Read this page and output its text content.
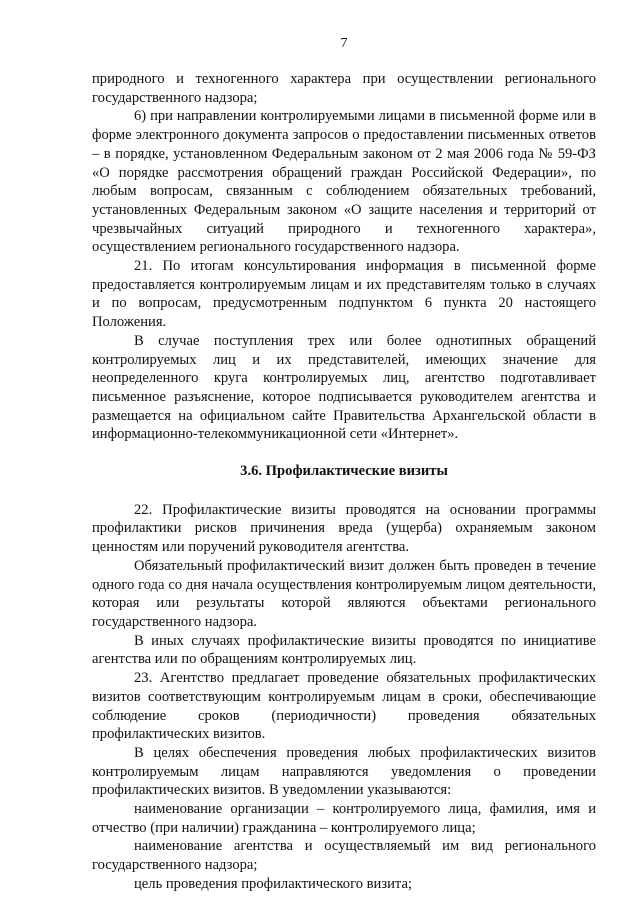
7

природного и техногенного характера при осуществлении регионального государственного надзора;

6) при направлении контролируемыми лицами в письменной форме или в форме электронного документа запросов о предоставлении письменных ответов – в порядке, установленном Федеральным законом от 2 мая 2006 года № 59-ФЗ «О порядке рассмотрения обращений граждан Российской Федерации», по любым вопросам, связанным с соблюдением обязательных требований, установленных Федеральным законом «О защите населения и территорий от чрезвычайных ситуаций природного и техногенного характера», осуществлением регионального государственного надзора.

21. По итогам консультирования информация в письменной форме предоставляется контролируемым лицам и их представителям только в случаях и по вопросам, предусмотренным подпунктом 6 пункта 20 настоящего Положения.

В случае поступления трех или более однотипных обращений контролируемых лиц и их представителей, имеющих значение для неопределенного круга контролируемых лиц, агентство подготавливает письменное разъяснение, которое подписывается руководителем агентства и размещается на официальном сайте Правительства Архангельской области в информационно-телекоммуникационной сети «Интернет».

3.6. Профилактические визиты

22. Профилактические визиты проводятся на основании программы профилактики рисков причинения вреда (ущерба) охраняемым законом ценностям или поручений руководителя агентства.

Обязательный профилактический визит должен быть проведен в течение одного года со дня начала осуществления контролируемым лицом деятельности, которая или результаты которой являются объектами регионального государственного надзора.

В иных случаях профилактические визиты проводятся по инициативе агентства или по обращениям контролируемых лиц.

23. Агентство предлагает проведение обязательных профилактических визитов соответствующим контролируемым лицам в сроки, обеспечивающие соблюдение сроков (периодичности) проведения обязательных профилактических визитов.

В целях обеспечения проведения любых профилактических визитов контролируемым лицам направляются уведомления о проведении профилактических визитов. В уведомлении указываются:

наименование организации – контролируемого лица, фамилия, имя и отчество (при наличии) гражданина – контролируемого лица;

наименование агентства и осуществляемый им вид регионального государственного надзора;

цель проведения профилактического визита;
